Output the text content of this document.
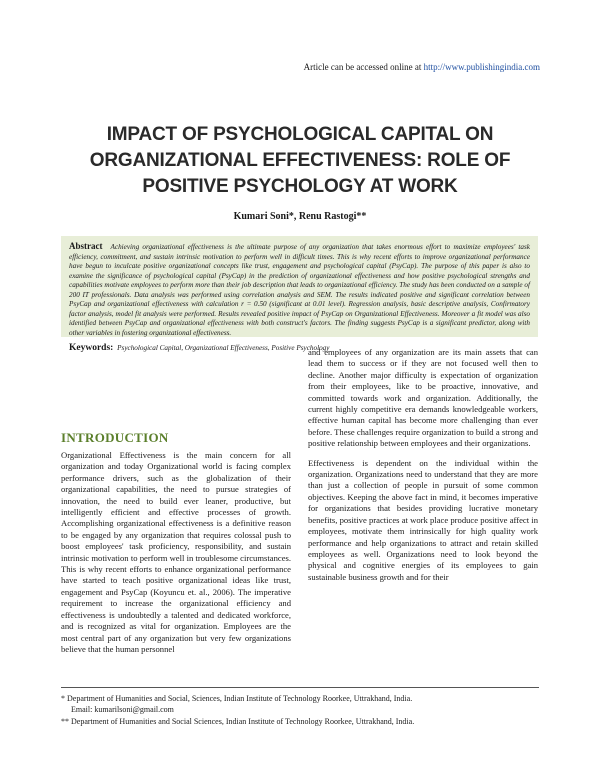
Article can be accessed online at http://www.publishingindia.com
IMPACT OF PSYCHOLOGICAL CAPITAL ON
ORGANIZATIONAL EFFECTIVENESS: ROLE OF
POSITIVE PSYCHOLOGY AT WORK
Kumari Soni*, Renu Rastogi**
Abstract Achieving organizational effectiveness is the ultimate purpose of any organization that takes enormous effort to maximize employees' task efficiency, commitment, and sustain intrinsic motivation to perform well in difficult times. This is why recent efforts to improve organizational performance have begun to inculcate positive organizational concepts like trust, engagement and psychological capital (PsyCap). The purpose of this paper is also to examine the significance of psychological capital (PsyCap) in the prediction of organizational effectiveness and how positive psychological strengths and capabilities motivate employees to perform more than their job description that leads to organizational efficiency. The study has been conducted on a sample of 200 IT professionals. Data analysis was performed using correlation analysis and SEM. The results indicated positive and significant correlation between PsyCap and organizational effectiveness with calculation r = 0.50 (significant at 0.01 level). Regression analysis, basic descriptive analysis, Confirmatory factor analysis, model fit analysis were performed. Results revealed positive impact of PsyCap on Organizational Effectiveness. Moreover a fit model was also identified between PsyCap and organizational effectiveness with both construct's factors. The finding suggests PsyCap is a significant predictor, along with other variables in fostering organizational effectiveness.
Keywords: Psychological Capital, Organizational Effectiveness, Positive Psychology
INTRODUCTION

Organizational Effectiveness is the main concern for all organization and today Organizational world is facing complex performance drivers, such as the globalization of their organizational capabilities, the need to pursue strategies of innovation, the need to build ever leaner, productive, but intelligently efficient and effective processes of growth. Accomplishing organizational effectiveness is a definitive reason to be engaged by any organization that requires colossal push to boost employees' task proficiency, responsibility, and sustain intrinsic motivation to perform well in troublesome circumstances. This is why recent efforts to enhance organizational performance have started to teach positive organizational ideas like trust, engagement and PsyCap (Koyuncu et. al., 2006). The imperative requirement to increase the organizational efficiency and effectiveness is undoubtedly a talented and dedicated workforce, and is recognized as vital for organization. Employees are the most central part of any organization but very few organizations believe that the human personnel

and employees of any organization are its main assets that can lead them to success or if they are not focused well then to decline. Another major difficulty is expectation of organization from their employees, like to be proactive, innovative, and committed towards work and organization. Additionally, the current highly competitive era demands knowledgeable workers, effective human capital has become more challenging than ever before. These challenges require organization to build a strong and positive relationship between employees and their organizations.

Effectiveness is dependent on the individual within the organization. Organizations need to understand that they are more than just a collection of people in pursuit of some common objectives. Keeping the above fact in mind, it becomes imperative for organizations that besides providing lucrative monetary benefits, positive practices at work place produce positive affect in employees, motivate them intrinsically for high quality work performance and help organizations to attract and retain skilled employees as well. Organizations need to look beyond the physical and cognitive energies of its employees to gain sustainable business growth and for their

* Department of Humanities and Social, Sciences, Indian Institute of Technology Roorkee, Uttrakhand, India.
Email: kumarilsoni@gmail.com
** Department of Humanities and Social Sciences, Indian Institute of Technology Roorkee, Uttrakhand, India.
